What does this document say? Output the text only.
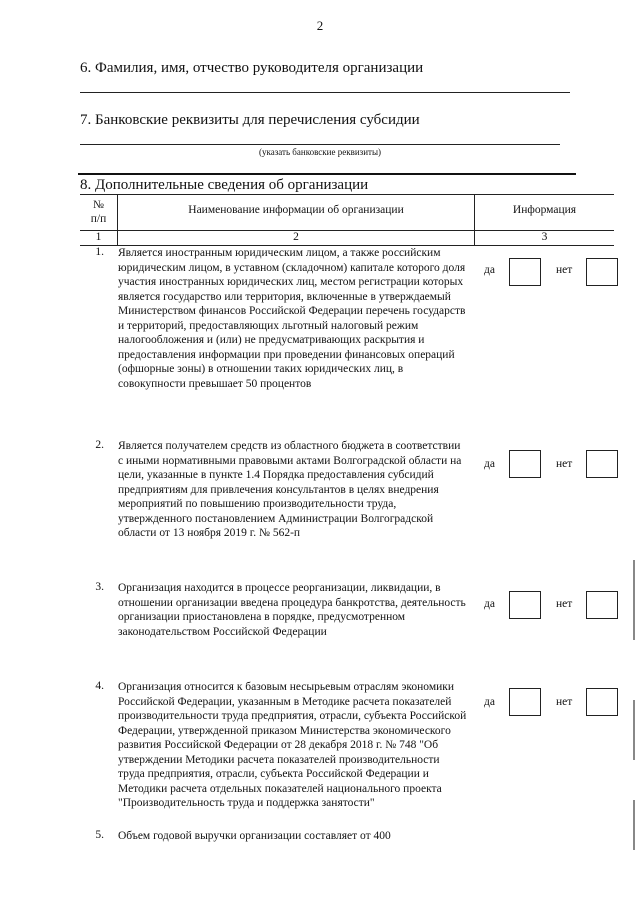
2
6. Фамилия, имя, отчество руководителя организации
7. Банковские реквизиты для перечисления субсидии
(указать банковские реквизиты)
8. Дополнительные сведения об организации
№
п/п
Наименование информации об организации	Информация
1	2	3
1. Является иностранным юридическим лицом, а также российским юридическим лицом, в уставном (складочном) капитале которого доля участия иностранных юридических лиц, местом регистрации которых является государство или территория, включенные в утверждаемый Министерством финансов Российской Федерации перечень государств и территорий, предоставляющих льготный налоговый режим налогообложения и (или) не предусматривающих раскрытия и предоставления информации при проведении финансовых операций (офшорные зоны) в отношении таких юридических лиц, в совокупности превышает 50 процентов
да	нет
2. Является получателем средств из областного бюджета в соответствии с иными нормативными правовыми актами Волгоградской области на цели, указанные в пункте 1.4 Порядка предоставления субсидий предприятиям для привлечения консультантов в целях внедрения мероприятий по повышению производительности труда, утвержденного постановлением Администрации Волгоградской области от 13 ноября 2019 г. № 562-п
да	нет
3. Организация находится в процессе реорганизации, ликвидации, в отношении организации введена процедура банкротства, деятельность организации приостановлена в порядке, предусмотренном законодательством Российской Федерации
да	нет
4. Организация относится к базовым несырьевым отраслям экономики Российской Федерации, указанным в Методике расчета показателей производительности труда предприятия, отрасли, субъекта Российской Федерации, утвержденной приказом Министерства экономического развития Российской Федерации от 28 декабря 2018 г. № 748 "Об утверждении Методики расчета показателей производительности труда предприятия, отрасли, субъекта Российской Федерации и Методики расчета отдельных показателей национального проекта "Производительность труда и поддержка занятости"
да	нет
5. Объем годовой выручки организации составляет от 400
